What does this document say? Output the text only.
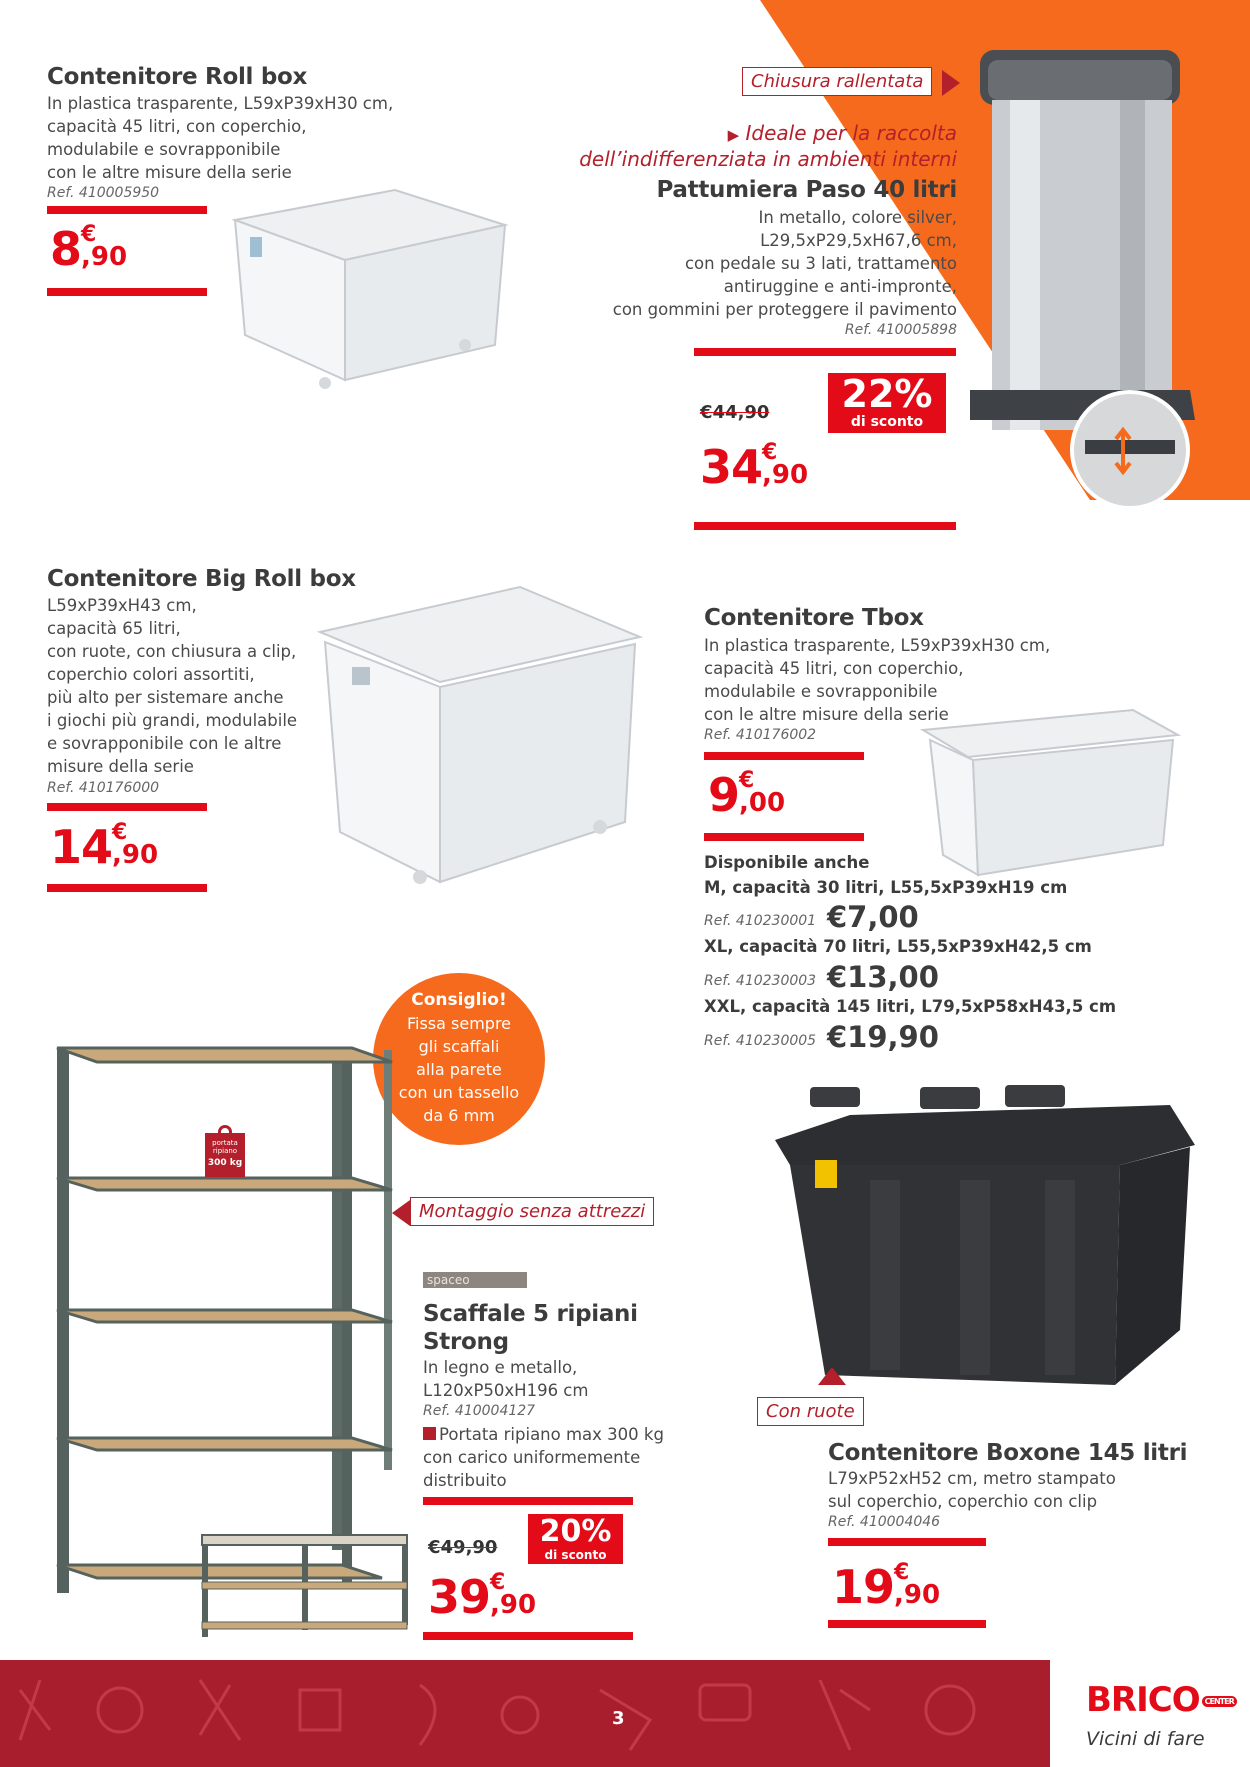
Contenitore Roll box
In plastica trasparente, L59xP39xH30 cm,
capacità 45 litri, con coperchio,
modulabile e sovrapponibile
con le altre misure della serie
Ref. 410005950
8 €
,90
Chiusura rallentata
▶ Ideale per la raccolta
dell’indifferenziata in ambienti interni
Pattumiera Paso 40 litri
In metallo, colore silver,
L29,5xP29,5xH67,6 cm,
con pedale su 3 lati, trattamento
antiruggine e anti-impronte,
con gommini per proteggere il pavimento
Ref. 410005898
€44,90	22%
di sconto
34 €
,90
Contenitore Big Roll box
L59xP39xH43 cm,
capacità 65 litri,
con ruote, con chiusura a clip,
coperchio colori assortiti,
più alto per sistemare anche
i giochi più grandi, modulabile
e sovrapponibile con le altre
misure della serie
Ref. 410176000
14 €
,90
Contenitore Tbox
In plastica trasparente, L59xP39xH30 cm,
capacità 45 litri, con coperchio,
modulabile e sovrapponibile
con le altre misure della serie
Ref. 410176002
9 €
,00
Disponibile anche
M, capacità 30 litri, L55,5xP39xH19 cm
Ref. 410230001 €7,00
XL, capacità 70 litri, L55,5xP39xH42,5 cm
Ref. 410230003 €13,00
XXL, capacità 145 litri, L79,5xP58xH43,5 cm
Ref. 410230005 €19,90
Consiglio!
Fissa sempre
gli scaffali
alla parete
con un tassello
da 6 mm
portata
ripiano
300 kg
Montaggio senza attrezzi
spaceo
Scaffale 5 ripiani
Strong
In legno e metallo,
L120xP50xH196 cm
Ref. 410004127
Portata ripiano max 300 kg
con carico uniformemente
distribuito
€49,90	20%
di sconto
39 €
,90
Con ruote
Contenitore Boxone 145 litri
L79xP52xH52 cm, metro stampato
sul coperchio, coperchio con clip
Ref. 410004046
19 €
,90
3	BRICO CENTER
Vicini di fare
